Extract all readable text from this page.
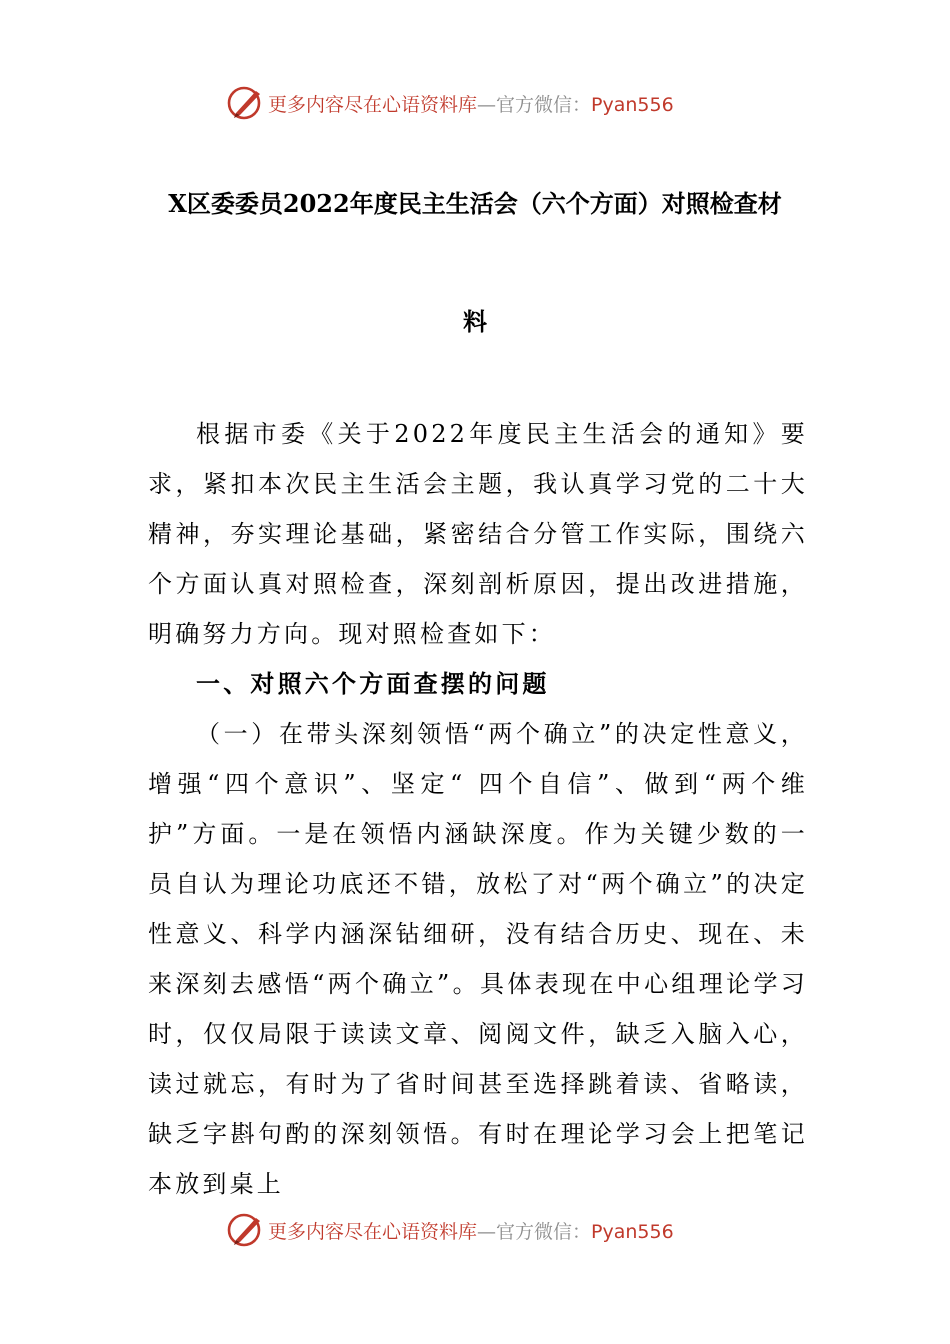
更多内容尽在心语资料库—官方微信：Pyan556
X区委委员2022年度民主生活会（六个方面）对照检查材
料

根据市委《关于2022年度民主生活会的通知》要求，紧扣本次民主生活会主题，我认真学习党的二十大精神，夯实理论基础，紧密结合分管工作实际，围绕六个方面认真对照检查，深刻剖析原因，提出改进措施，明确努力方向。现对照检查如下：

一、对照六个方面查摆的问题

（一）在带头深刻领悟“两个确立”的决定性意义，增强“四个意识”、坚定“ 四个自信”、做到“两个维护”方面。一是在领悟内涵缺深度。作为关键少数的一员自认为理论功底还不错，放松了对“两个确立”的决定性意义、科学内涵深钻细研，没有结合历史、现在、未来深刻去感悟“两个确立”。具体表现在中心组理论学习时，仅仅局限于读读文章、阅阅文件，缺乏入脑入心，读过就忘，有时为了省时间甚至选择跳着读、省略读，缺乏字斟句酌的深刻领悟。有时在理论学习会上把笔记本放到桌上

更多内容尽在心语资料库—官方微信：Pyan556
